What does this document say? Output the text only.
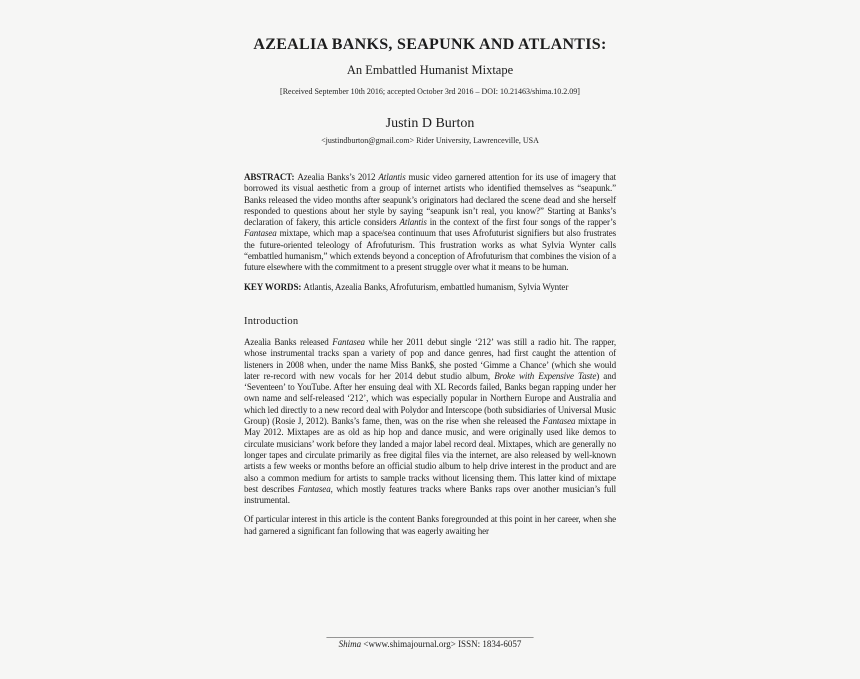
AZEALIA BANKS, SEAPUNK AND ATLANTIS:
An Embattled Humanist Mixtape
[Received September 10th 2016; accepted October 3rd 2016 – DOI: 10.21463/shima.10.2.09]
Justin D Burton
<justindburton@gmail.com> Rider University, Lawrenceville, USA

ABSTRACT: Azealia Banks’s 2012 Atlantis music video garnered attention for its use of imagery that borrowed its visual aesthetic from a group of internet artists who identified themselves as “seapunk.” Banks released the video months after seapunk’s originators had declared the scene dead and she herself responded to questions about her style by saying “seapunk isn’t real, you know?” Starting at Banks’s declaration of fakery, this article considers Atlantis in the context of the first four songs of the rapper’s Fantasea mixtape, which map a space/sea continuum that uses Afrofuturist signifiers but also frustrates the future-oriented teleology of Afrofuturism. This frustration works as what Sylvia Wynter calls “embattled humanism,” which extends beyond a conception of Afrofuturism that combines the vision of a future elsewhere with the commitment to a present struggle over what it means to be human.

KEY WORDS: Atlantis, Azealia Banks, Afrofuturism, embattled humanism, Sylvia Wynter

Introduction

Azealia Banks released Fantasea while her 2011 debut single ‘212’ was still a radio hit. The rapper, whose instrumental tracks span a variety of pop and dance genres, had first caught the attention of listeners in 2008 when, under the name Miss Bank$, she posted ‘Gimme a Chance’ (which she would later re-record with new vocals for her 2014 debut studio album, Broke with Expensive Taste) and ‘Seventeen’ to YouTube. After her ensuing deal with XL Records failed, Banks began rapping under her own name and self-released ‘212’, which was especially popular in Northern Europe and Australia and which led directly to a new record deal with Polydor and Interscope (both subsidiaries of Universal Music Group) (Rosie J, 2012). Banks’s fame, then, was on the rise when she released the Fantasea mixtape in May 2012. Mixtapes are as old as hip hop and dance music, and were originally used like demos to circulate musicians’ work before they landed a major label record deal. Mixtapes, which are generally no longer tapes and circulate primarily as free digital files via the internet, are also released by well-known artists a few weeks or months before an official studio album to help drive interest in the product and are also a common medium for artists to sample tracks without licensing them. This latter kind of mixtape best describes Fantasea, which mostly features tracks where Banks raps over another musician’s full instrumental.

Of particular interest in this article is the content Banks foregrounded at this point in her career, when she had garnered a significant fan following that was eagerly awaiting her

______________________________________________
Shima <www.shimajournal.org> ISSN: 1834-6057
